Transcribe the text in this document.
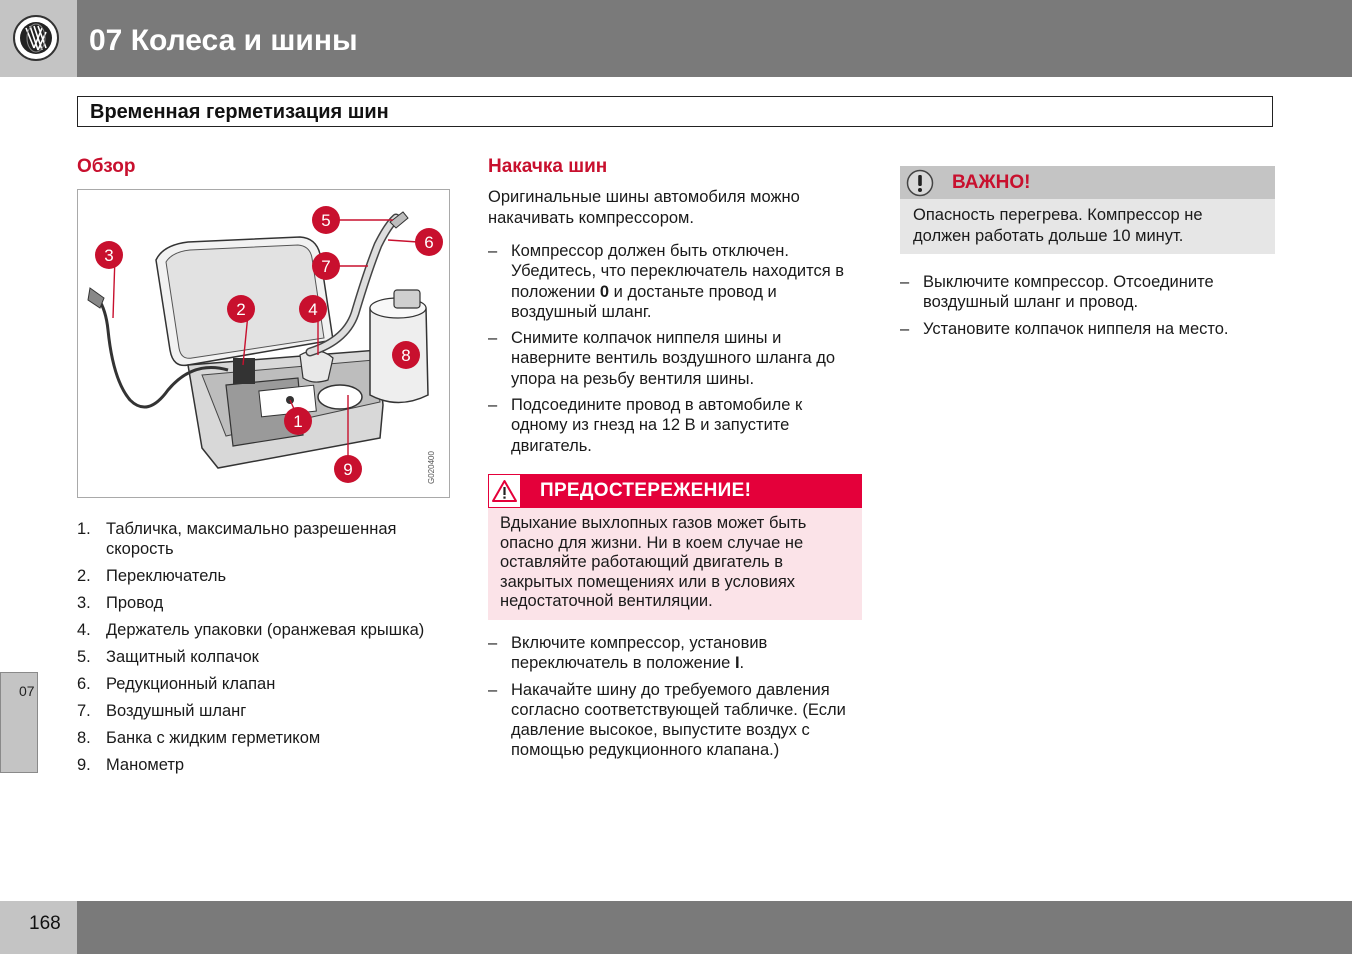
07 Колеса и шины
Временная герметизация шин
Обзор
1
2
3
4
5
6
7
8
9	G020400
1. Табличка, максимально разрешенная скорость
2. Переключатель
3. Провод
4. Держатель упаковки (оранжевая крышка)
5. Защитный колпачок
6. Редукционный клапан
7. Воздушный шланг
8. Банка с жидким герметиком
9. Манометр
Накачка шин
Оригинальные шины автомобиля можно накачивать компрессором.
– Компрессор должен быть отключен. Убедитесь, что переключатель находится в положении 0 и достаньте провод и воздушный шланг.
– Снимите колпачок ниппеля шины и наверните вентиль воздушного шланга до упора на резьбу вентиля шины.
– Подсоедините провод в автомобиле к одному из гнезд на 12 В и запустите двигатель.
ПРЕДОСТЕРЕЖЕНИЕ!
Вдыхание выхлопных газов может быть опасно для жизни. Ни в коем случае не оставляйте работающий двигатель в закрытых помещениях или в условиях недостаточной вентиляции.
– Включите компрессор, установив переключатель в положение I.
– Накачайте шину до требуемого давления согласно соответствующей табличке. (Если давление высокое, выпустите воздух с помощью редукционного клапана.)
ВАЖНО!
Опасность перегрева. Компрессор не должен работать дольше 10 минут.
– Выключите компрессор. Отсоедините воздушный шланг и провод.
– Установите колпачок ниппеля на место.
07
168
